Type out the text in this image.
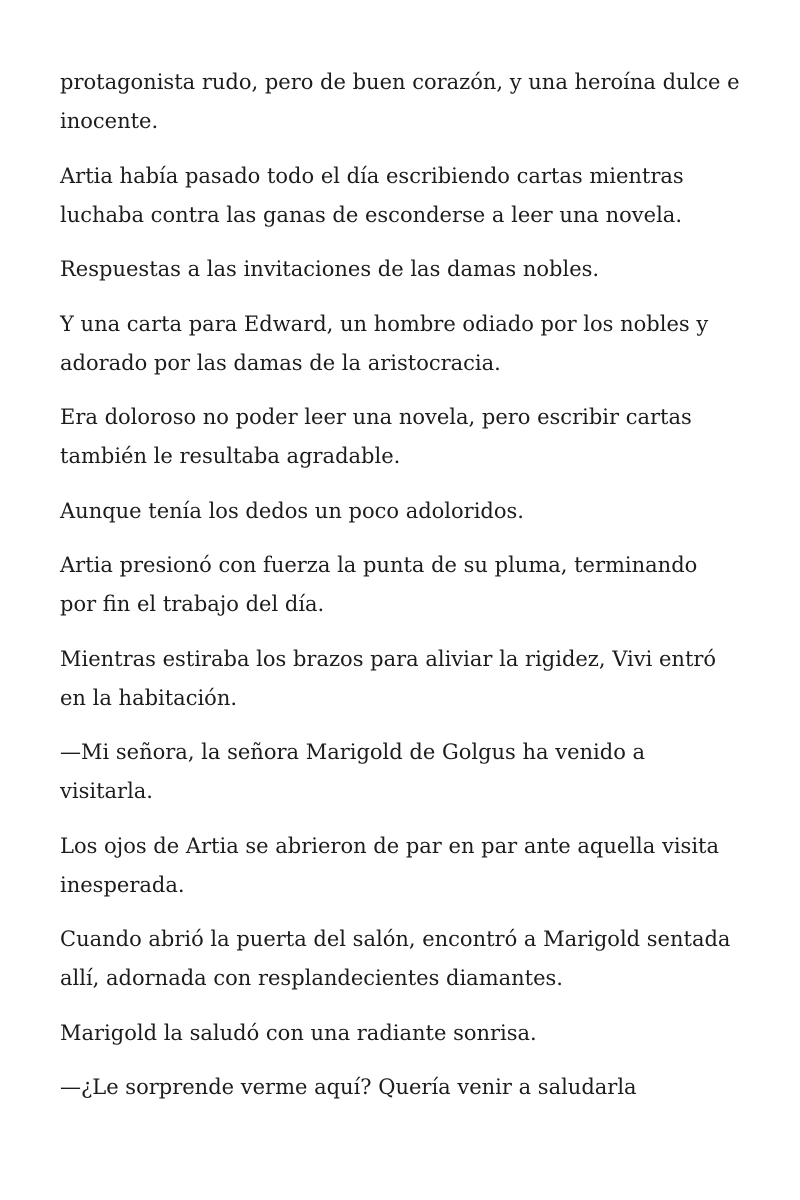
protagonista rudo, pero de buen corazón, y una heroína dulce e inocente.

Artia había pasado todo el día escribiendo cartas mientras luchaba contra las ganas de esconderse a leer una novela.

Respuestas a las invitaciones de las damas nobles.

Y una carta para Edward, un hombre odiado por los nobles y adorado por las damas de la aristocracia.

Era doloroso no poder leer una novela, pero escribir cartas también le resultaba agradable.

Aunque tenía los dedos un poco adoloridos.

Artia presionó con fuerza la punta de su pluma, terminando por fin el trabajo del día.

Mientras estiraba los brazos para aliviar la rigidez, Vivi entró en la habitación.

—Mi señora, la señora Marigold de Golgus ha venido a visitarla.

Los ojos de Artia se abrieron de par en par ante aquella visita inesperada.

Cuando abrió la puerta del salón, encontró a Marigold sentada allí, adornada con resplandecientes diamantes.

Marigold la saludó con una radiante sonrisa.

—¿Le sorprende verme aquí? Quería venir a saludarla
